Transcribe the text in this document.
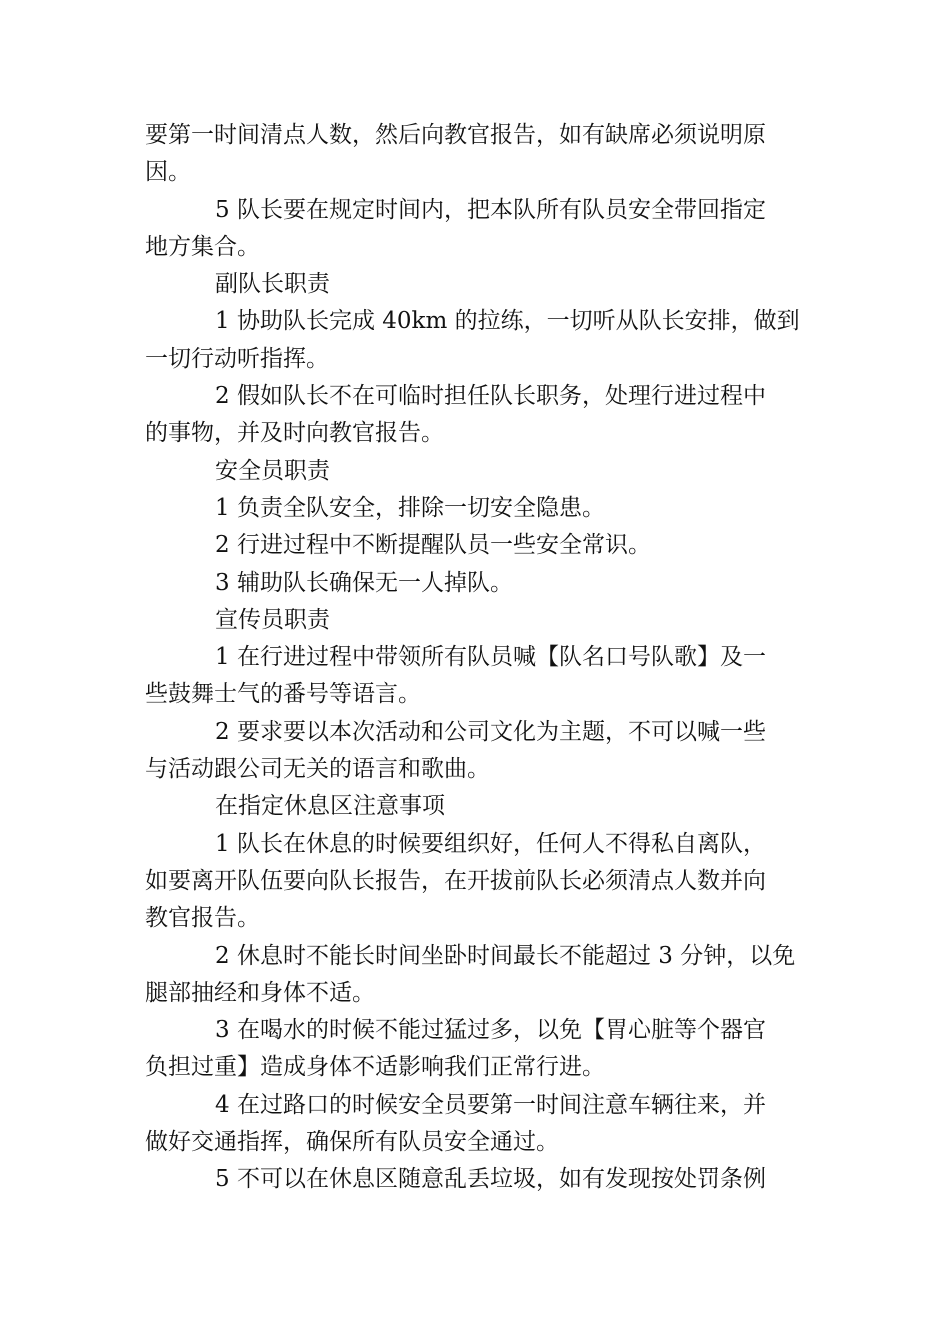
要第一时间清点人数，然后向教官报告，如有缺席必须说明原

因。

5 队长要在规定时间内，把本队所有队员安全带回指定

地方集合。

副队长职责

1 协助队长完成 40km 的拉练，一切听从队长安排，做到

一切行动听指挥。

2 假如队长不在可临时担任队长职务，处理行进过程中

的事物，并及时向教官报告。

安全员职责

1 负责全队安全，排除一切安全隐患。

2 行进过程中不断提醒队员一些安全常识。

3 辅助队长确保无一人掉队。

宣传员职责

1 在行进过程中带领所有队员喊【队名口号队歌】及一

些鼓舞士气的番号等语言。

2 要求要以本次活动和公司文化为主题，不可以喊一些

与活动跟公司无关的语言和歌曲。

在指定休息区注意事项

1 队长在休息的时候要组织好，任何人不得私自离队，

如要离开队伍要向队长报告，在开拔前队长必须清点人数并向

教官报告。

2 休息时不能长时间坐卧时间最长不能超过 3 分钟，以免

腿部抽经和身体不适。

3 在喝水的时候不能过猛过多，以免【胃心脏等个器官

负担过重】造成身体不适影响我们正常行进。

4 在过路口的时候安全员要第一时间注意车辆往来，并

做好交通指挥，确保所有队员安全通过。

5 不可以在休息区随意乱丢垃圾，如有发现按处罚条例
